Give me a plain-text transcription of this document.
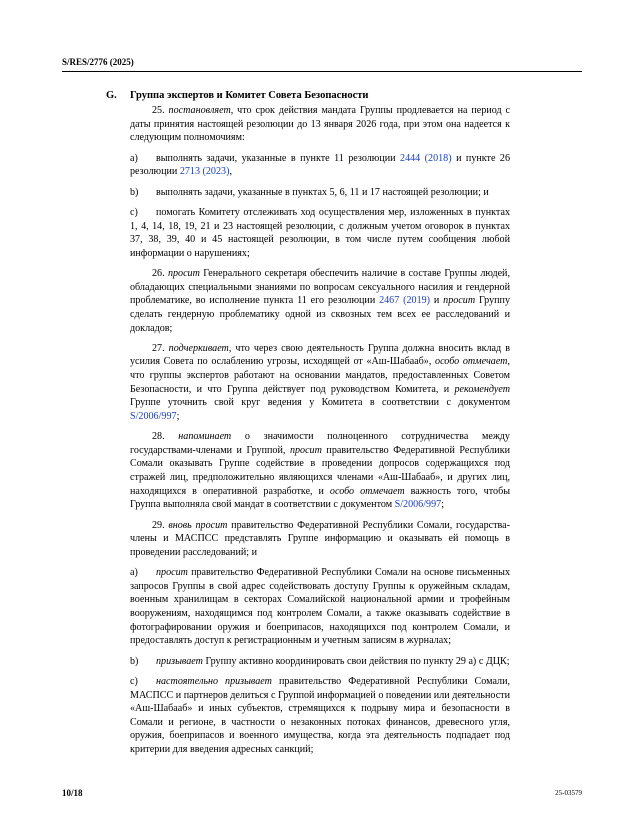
S/RES/2776 (2025)
G. Группа экспертов и Комитет Совета Безопасности

25. постановляет, что срок действия мандата Группы продлевается на период с даты принятия настоящей резолюции до 13 января 2026 года, при этом она надеется к следующим полномочиям:

а) выполнять задачи, указанные в пункте 11 резолюции 2444 (2018) и пункте 26 резолюции 2713 (2023),

b) выполнять задачи, указанные в пунктах 5, 6, 11 и 17 настоящей резолюции; и

c) помогать Комитету отслеживать ход осуществления мер, изложенных в пунктах 1, 4, 14, 18, 19, 21 и 23 настоящей резолюции, с должным учетом оговорок в пунктах 37, 38, 39, 40 и 45 настоящей резолюции, в том числе путем сообщения любой информации о нарушениях;

26. просит Генерального секретаря обеспечить наличие в составе Группы людей, обладающих специальными знаниями по вопросам сексуального насилия и гендерной проблематике, во исполнение пункта 11 его резолюции 2467 (2019) и просит Группу сделать гендерную проблематику одной из сквозных тем всех ее расследований и докладов;

27. подчеркивает, что через свою деятельность Группа должна вносить вклад в усилия Совета по ослаблению угрозы, исходящей от «Аш-Шабааб», особо отмечает, что группы экспертов работают на основании мандатов, предоставленных Советом Безопасности, и что Группа действует под руководством Комитета, и рекомендует Группе уточнить свой круг ведения у Комитета в соответствии с документом S/2006/997;

28. напоминает о значимости полноценного сотрудничества между государствами-членами и Группой, просит правительство Федеративной Республики Сомали оказывать Группе содействие в проведении допросов содержащихся под стражей лиц, предположительно являющихся членами «Аш-Шабааб», и других лиц, находящихся в оперативной разработке, и особо отмечает важность того, чтобы Группа выполняла свой мандат в соответствии с документом S/2006/997;

29. вновь просит правительство Федеративной Республики Сомали, государства-члены и МАСПСС представлять Группе информацию и оказывать ей помощь в проведении расследований; и

а) просит правительство Федеративной Республики Сомали на основе письменных запросов Группы в свой адрес содействовать доступу Группы к оружейным складам, военным хранилищам в секторах Сомалийской национальной армии и трофейным вооружениям, находящимся под контролем Сомали, а также оказывать содействие в фотографировании оружия и боеприпасов, находящихся под контролем Сомали, и предоставлять доступ к регистрационным и учетным записям в журналах;

b) призывает Группу активно координировать свои действия по пункту 29 а) с ДЦК;

c) настоятельно призывает правительство Федеративной Республики Сомали, МАСПСС и партнеров делиться с Группой информацией о поведении или деятельности «Аш-Шабааб» и иных субъектов, стремящихся к подрыву мира и безопасности в Сомали и регионе, в частности о незаконных потоках финансов, древесного угля, оружия, боеприпасов и военного имущества, когда эта деятельность подпадает под критерии для введения адресных санкций;

10/18	25-03579
